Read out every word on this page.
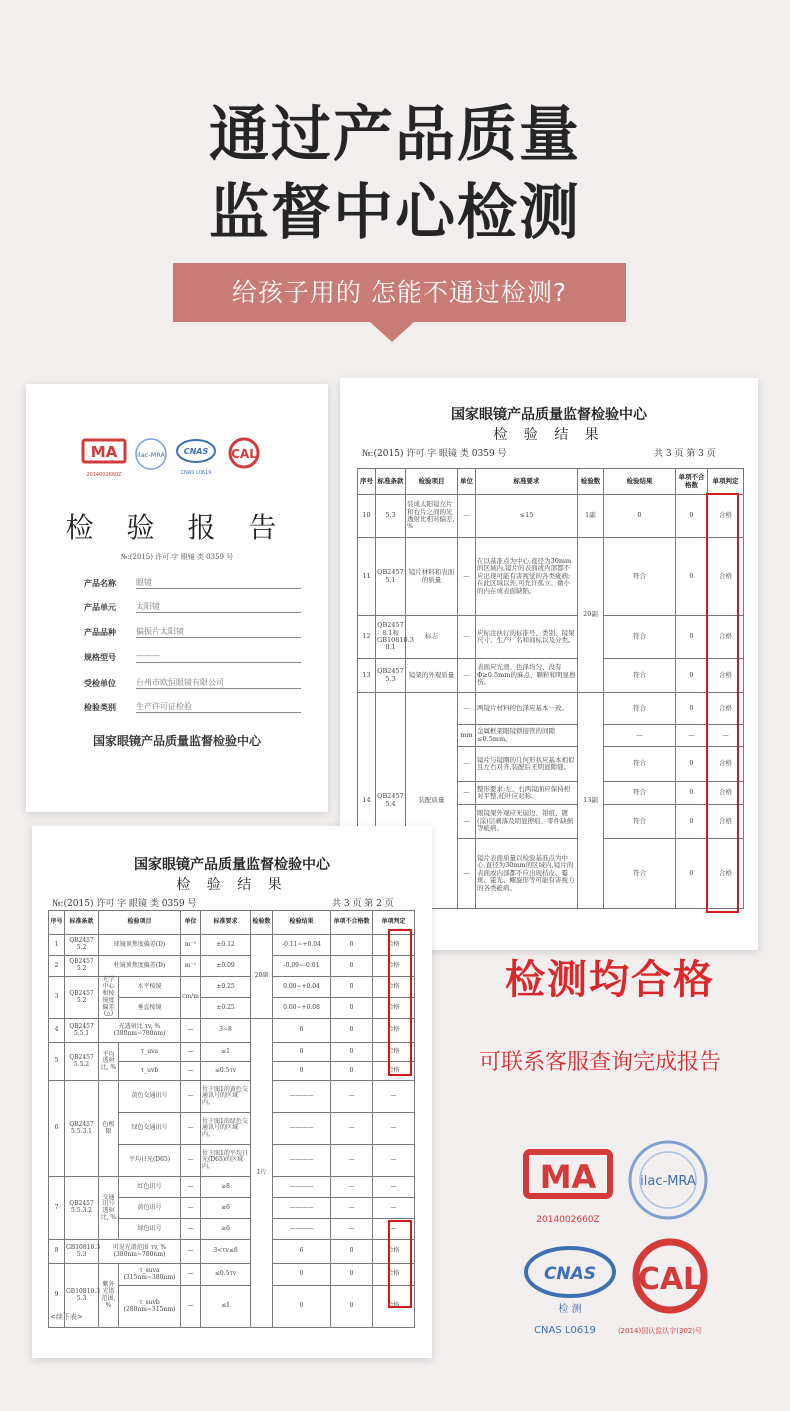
通过产品质量
监督中心检测
给孩子用的 怎能不通过检测?
MA
2014002660Z
ilac-MRA CNAS
CNAS L0619
CAL
检 验 报 告
№:(2015) 许可 字 眼镜 类 0359 号
产品名称	眼镜
产品单元	太阳镜
产品品种	偏振片太阳镜
规格型号	———
受检单位	台州市欧恒眼镜有限公司
检验类别	生产许可证检验
国家眼镜产品质量监督检验中心
国家眼镜产品质量监督检验中心
检 验 结 果
№:(2015) 许可 字 眼镜 类 0359 号	共 3 页 第 3 页
序号	标准条款	检验项目	单位	标准要求	检验数	检验结果	单项不合格数	单项判定
10	5.3	装成太阳镜左片和右片之间的光透射比相对偏差, %	—	≤15	1副	0	0	合格
11	QB2457 5.1	镜片材料和表面的质量	—	在以基准点为中心,直径为30mm的区域内,镜片的表面或内部都不应出现可能有害视觉的各类疵病;在此区域以外,可允许孤立、微小的内在或表面缺陷。	20副	符合	0	合格
12	QB2457 8.1和GB10810.3 8.1	标志	—	应标注执行的标准号、类别、镜架尺寸、生产厂名和商标以及分类。		符合	0	合格
13	QB2457 5.3	镜架的外观质量	—	表面应光滑、色泽均匀、没有Φ≥0.5mm的麻点、颗粒和明显擦伤。		符合	0	合格
14	QB2457 5.4	装配质量	—	两镜片材料的色泽应基本一致。	13副	符合	0	合格
			mm	金属框架眼镜锁接管的间隙≤0.5mm。		—	—	—
			—	镜片与镜圈的几何形状应基本相似且左右对齐,装配后无明显隙缝。		符合	0	合格
			—	整形要求:左、右两镜面应保持相对平整,托叶应对称。		符合	0	合格
			—	眼镜架外观应无崩边、钳痕、镀(涂)层剥落及明显擦痕、零件缺损等疵病。		符合	0	合格
			—	镜片表面质量以检验基准点为中心,直径为30mm的区域内,镜片的表面或内部都不应出现桔皮、霉斑、霍光、螺旋形等可能有害视力的各类疵病。		符合	0	合格
国家眼镜产品质量监督检验中心
检 验 结 果
№:(2015) 许可 字 眼镜 类 0359 号	共 3 页 第 2 页
序号	标准条款	检验项目		单位	标准要求	检验数	检验结果	单项不合格数	单项判定
1	QB2457 5.2	球镜顶焦度偏差(D)		m⁻¹	±0.12	20副	-0.11~+0.04	0	合格
2	QB2457 5.2	柱镜顶焦度偏差(D)		m⁻¹	±0.09		-0.09~-0.01	0	合格
3	QB2457 5.2	光学中心和棱镜度偏差(△)	水平棱镜	cm/m	±0.25		0.00~+0.04	0	合格
			垂直棱镜		±0.25		0.00~+0.08	0	合格
4	QB2457 5.5.1	光透射比 τv, % (380nm~780nm)		—	3~8	1片	6	0	合格
5	QB2457 5.5.2	平均透射比, %	τ_uva	—	≤1		0	0	合格
			τ_uvb	—	≤0.5τv		0	0	合格
6	QB2457 5.5.3.1	色极限	黄色交通讯号	—	位于图1的黄色交通讯号的区域内。		————	—	—
			绿色交通讯号	—	位于图1的绿色交通讯号的区域内。		————	—	—
			平均日光(D65)	—	位于图1的平均日光(D65)的区域内。		————	—	—
7	QB2457 5.5.3.2	交通讯号透射比, %	红色讯号	—	≥8		————	—	—
			黄色讯号	—	≥6		————	—	—
			绿色讯号	—	≥6		————	—	—
8	GB10810.3 5.3	可见光谱范围 τv, % (380nm~780nm)		—	3<τv≤8		6	0	合格
9	GB10810.3 5.3	紫外光谱范围, %	τ_suva (315nm~380nm)	—	≤0.5τv		0	0	合格
			τ_suvb (280nm~315nm)	—	≤1		0	0	合格
<续下表>
检测均合格
可联系客服查询完成报告
MA
2014002660Z
ilac-MRA
CNAS
检 测
CNAS L0619
CAL
(2014)国认监认字(302)号
